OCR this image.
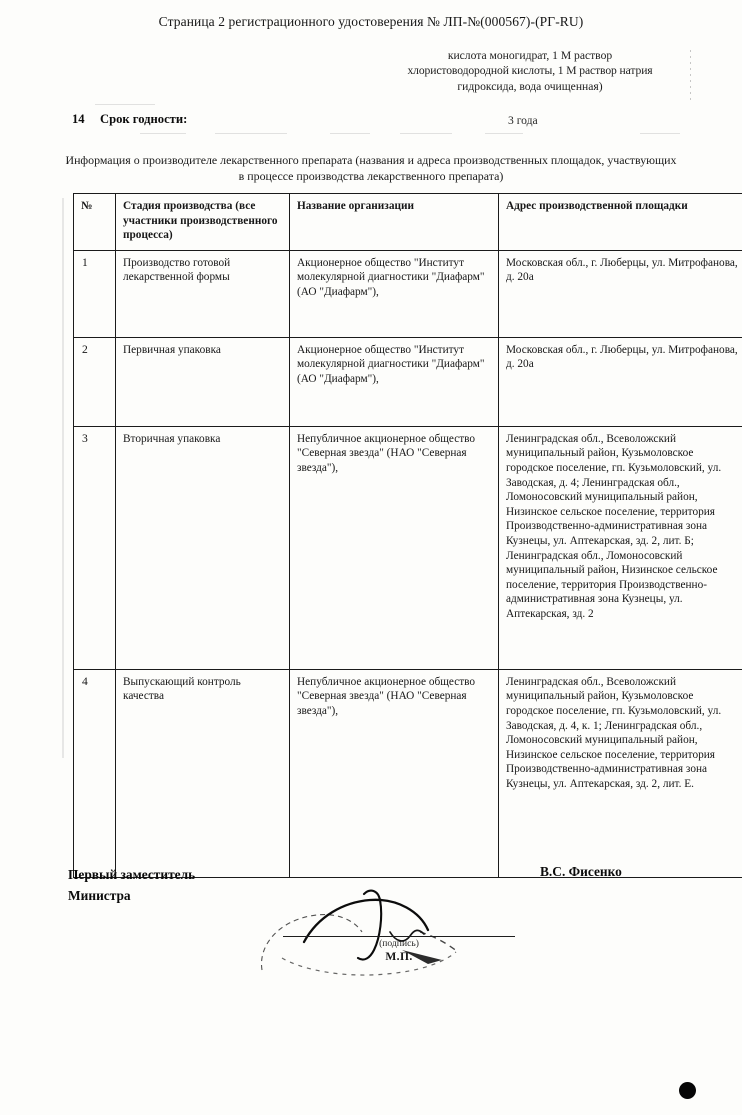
Страница 2 регистрационного удостоверения № ЛП-№(000567)-(РГ-RU)
кислота моногидрат, 1 М раствор
хлористоводородной кислоты, 1 М раствор натрия
гидроксида, вода очищенная)
14 Срок годности:	3 года
Информация о производителе лекарственного препарата (названия и адреса производственных площадок, участвующих в процессе производства лекарственного препарата)
№	Стадия производства (все участники производственного процесса)	Название организации	Адрес производственной площадки
1	Производство готовой лекарственной формы	Акционерное общество "Институт молекулярной диагностики "Диафарм" (АО "Диафарм"),	Московская обл., г. Люберцы, ул. Митрофанова, д. 20а
2	Первичная упаковка	Акционерное общество "Институт молекулярной диагностики "Диафарм" (АО "Диафарм"),	Московская обл., г. Люберцы, ул. Митрофанова, д. 20а
3	Вторичная упаковка	Непубличное акционерное общество "Северная звезда" (НАО "Северная звезда"),	Ленинградская обл., Всеволожский муниципальный район, Кузьмоловское городское поселение, гп. Кузьмоловский, ул. Заводская, д. 4; Ленинградская обл., Ломоносовский муниципальный район, Низинское сельское поселение, территория Производственно-административная зона Кузнецы, ул. Аптекарская, зд. 2, лит. Б; Ленинградская обл., Ломоносовский муниципальный район, Низинское сельское поселение, территория Производственно-административная зона Кузнецы, ул. Аптекарская, зд. 2
4	Выпускающий контроль качества	Непубличное акционерное общество "Северная звезда" (НАО "Северная звезда"),	Ленинградская обл., Всеволожский муниципальный район, Кузьмоловское городское поселение, гп. Кузьмоловский, ул. Заводская, д. 4, к. 1; Ленинградская обл., Ломоносовский муниципальный район, Низинское сельское поселение, территория Производственно-административная зона Кузнецы, ул. Аптекарская, зд. 2, лит. Е.
Первый заместитель
Министра
В.С. Фисенко
(подпись)
М.П.
